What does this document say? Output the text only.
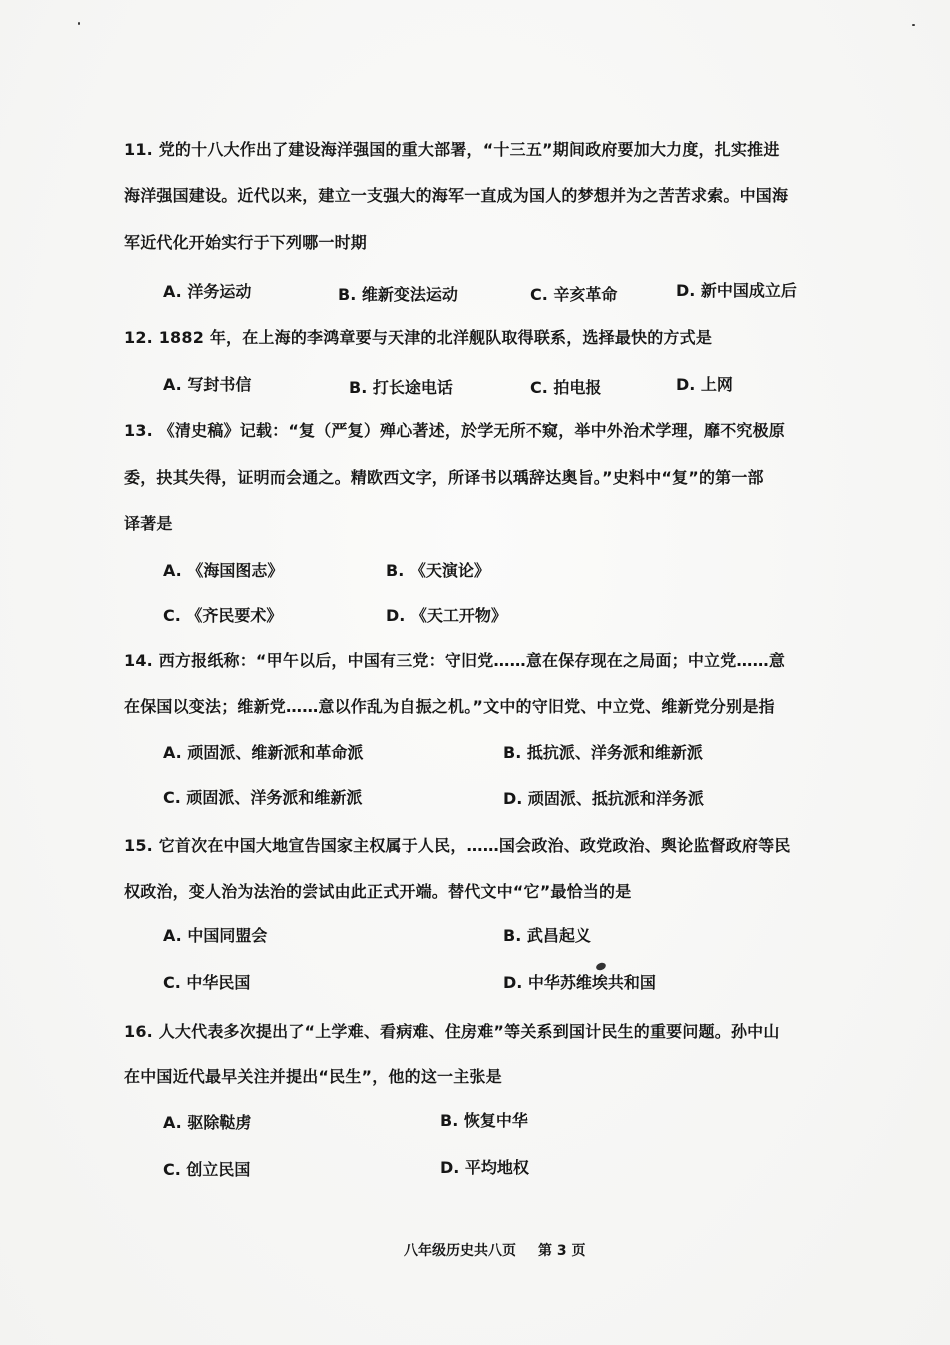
11. 党的十八大作出了建设海洋强国的重大部署，“十三五”期间政府要加大力度，扎实推进
海洋强国建设。近代以来，建立一支强大的海军一直成为国人的梦想并为之苦苦求索。中国海
军近代化开始实行于下列哪一时期
A. 洋务运动	B. 维新变法运动	C. 辛亥革命	D. 新中国成立后
12. 1882 年，在上海的李鸿章要与天津的北洋舰队取得联系，选择最快的方式是
A. 写封书信	B. 打长途电话	C. 拍电报	D. 上网
13. 《清史稿》记载：“复（严复）殚心著述，於学无所不窥，举中外治术学理，靡不究极原
委，抉其失得，证明而会通之。精欧西文字，所译书以瑀辞达奥旨。”史料中“复”的第一部
译著是
A. 《海国图志》	B. 《天演论》
C. 《齐民要术》	D. 《天工开物》
14. 西方报纸称：“甲午以后，中国有三党：守旧党……意在保存现在之局面；中立党……意
在保国以变法；维新党……意以作乱为自振之机。”文中的守旧党、中立党、维新党分别是指
A. 顽固派、维新派和革命派	B. 抵抗派、洋务派和维新派
C. 顽固派、洋务派和维新派	D. 顽固派、抵抗派和洋务派
15. 它首次在中国大地宣告国家主权属于人民，……国会政治、政党政治、舆论监督政府等民
权政治，变人治为法治的尝试由此正式开端。替代文中“它”最恰当的是
A. 中国同盟会	B. 武昌起义
C. 中华民国	D. 中华苏维埃共和国
16. 人大代表多次提出了“上学难、看病难、住房难”等关系到国计民生的重要问题。孙中山
在中国近代最早关注并提出“民生”，他的这一主张是
A. 驱除鞑虏	B. 恢复中华
C. 创立民国	D. 平均地权
八年级历史共八页 第 3 页
